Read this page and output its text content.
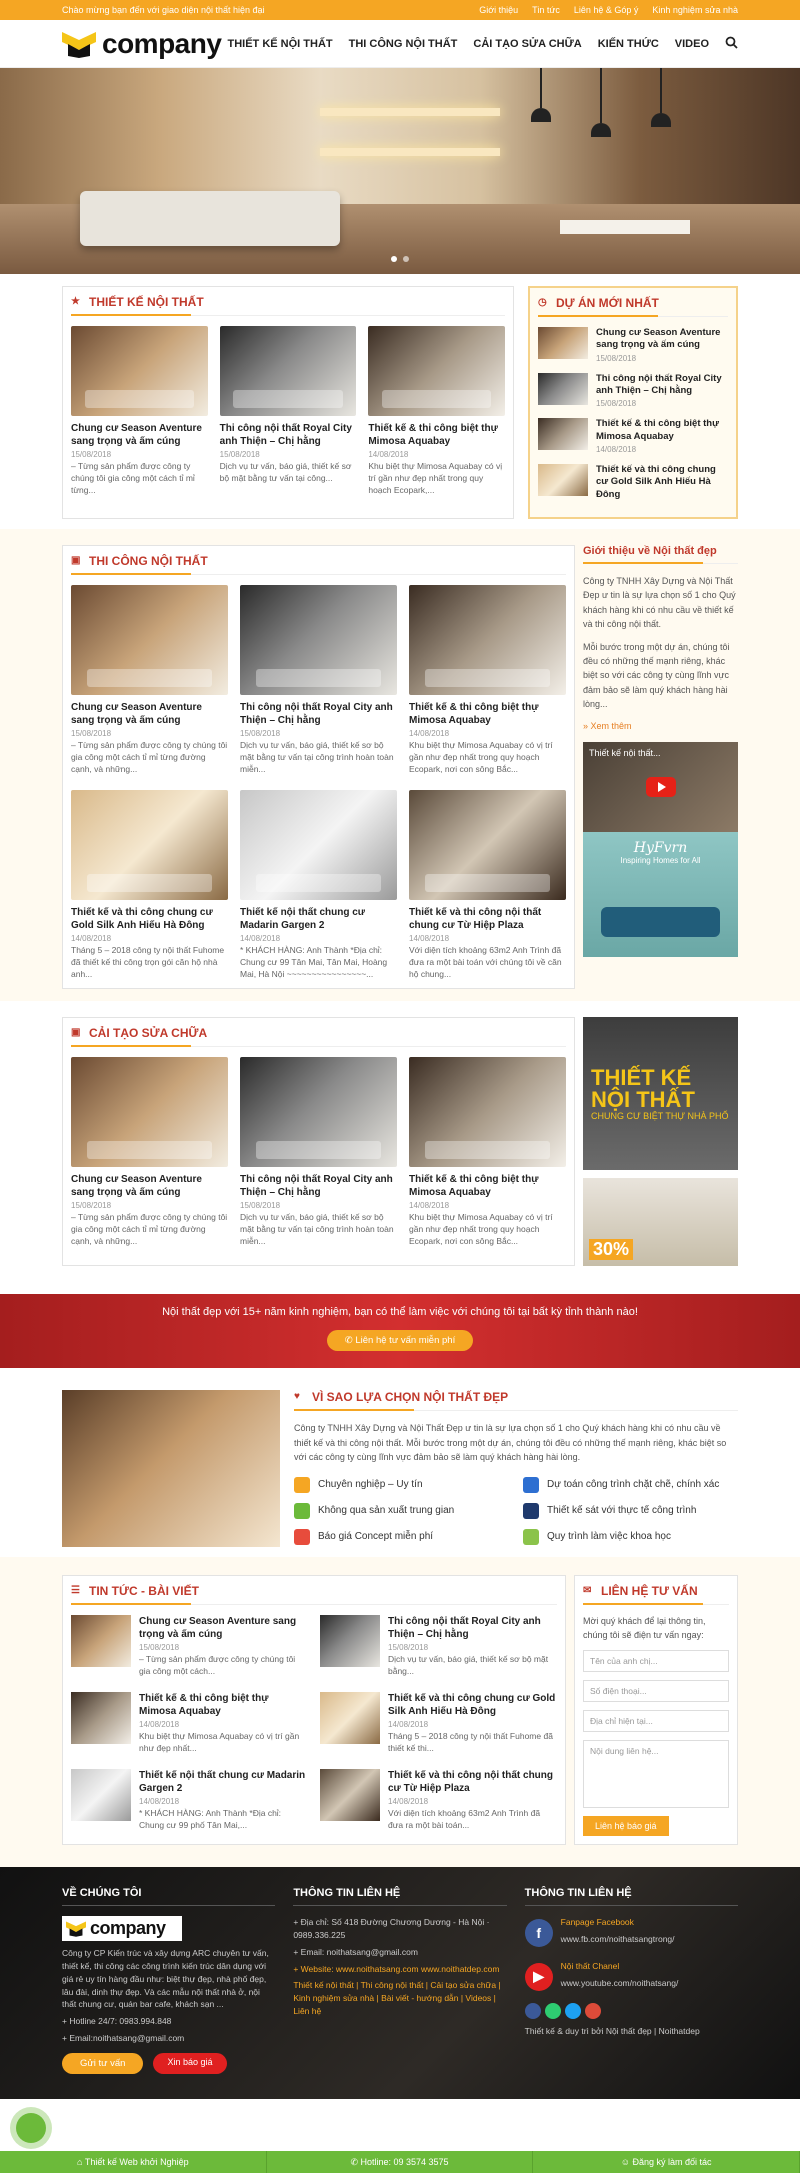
Chào mừng bạn đến với giao diện nội thất hiện đại	Giới thiệu Tin tức Liên hệ & Góp ý Kinh nghiệm sửa nhà
company THIẾT KẾ NỘI THẤT THI CÔNG NỘI THẤT CẢI TẠO SỬA CHỮA KIẾN THỨC VIDEO
★ THIẾT KẾ NỘI THẤT
Chung cư Season Aventure sang trọng và ấm cúng
15/08/2018
– Từng sản phẩm được công ty chúng tôi gia công một cách tỉ mỉ từng...
Thi công nội thất Royal City anh Thiện – Chị hằng
15/08/2018
Dịch vụ tư vấn, báo giá, thiết kế sơ bộ mặt bằng tư vấn tại công...
Thiết kế & thi công biệt thự Mimosa Aquabay
14/08/2018
Khu biệt thự Mimosa Aquabay có vị trí gần như đẹp nhất trong quy hoạch Ecopark,...
◷ DỰ ÁN MỚI NHẤT
Chung cư Season Aventure sang trọng và ấm cúng
15/08/2018
Thi công nội thất Royal City anh Thiện – Chị hằng
15/08/2018
Thiết kế & thi công biệt thự Mimosa Aquabay
14/08/2018
Thiết kế và thi công chung cư Gold Silk Anh Hiếu Hà Đông
▣ THI CÔNG NỘI THẤT
Chung cư Season Aventure sang trọng và ấm cúng
15/08/2018
– Từng sản phẩm được công ty chúng tôi gia công một cách tỉ mỉ từng đường cạnh, và những...
Thi công nội thất Royal City anh Thiện – Chị hằng
15/08/2018
Dịch vụ tư vấn, báo giá, thiết kế sơ bộ mặt bằng tư vấn tại công trình hoàn toàn miễn...
Thiết kế & thi công biệt thự Mimosa Aquabay
14/08/2018
Khu biệt thự Mimosa Aquabay có vị trí gần như đẹp nhất trong quy hoạch Ecopark, nơi con sông Bắc...
Thiết kế và thi công chung cư Gold Silk Anh Hiếu Hà Đông
14/08/2018
Tháng 5 – 2018 công ty nội thất Fuhome đã thiết kế thi công trọn gói căn hộ nhà anh...
Thiết kế nội thất chung cư Madarin Gargen 2
14/08/2018
* KHÁCH HÀNG: Anh Thành *Địa chỉ: Chung cư 99 Tân Mai, Tân Mai, Hoàng Mai, Hà Nội ~~~~~~~~~~~~~~~~...
Thiết kế và thi công nội thất chung cư Từ Hiệp Plaza
14/08/2018
Với diện tích khoảng 63m2 Anh Trình đã đưa ra một bài toán với chúng tôi về căn hộ chung...
Giới thiệu về Nội thất đẹp

Công ty TNHH Xây Dựng và Nội Thất Đẹp ư tin là sự lựa chọn số 1 cho Quý khách hàng khi có nhu cầu về thiết kế và thi công nội thất.

Mỗi bước trong một dự án, chúng tôi đều có những thế mạnh riêng, khác biệt so với các công ty cùng lĩnh vực đảm bảo sẽ làm quý khách hàng hài lòng...

» Xem thêm
Thiết kế nội thất...
HyFvrn
Inspiring Homes for All
▣ CẢI TẠO SỬA CHỮA
Chung cư Season Aventure sang trọng và ấm cúng
15/08/2018
– Từng sản phẩm được công ty chúng tôi gia công một cách tỉ mỉ từng đường cạnh, và những...
Thi công nội thất Royal City anh Thiện – Chị hằng
15/08/2018
Dịch vụ tư vấn, báo giá, thiết kế sơ bộ mặt bằng tư vấn tại công trình hoàn toàn miễn...
Thiết kế & thi công biệt thự Mimosa Aquabay
14/08/2018
Khu biệt thự Mimosa Aquabay có vị trí gần như đẹp nhất trong quy hoạch Ecopark, nơi con sông Bắc...
THIẾT KẾ
NỘI THẤT
CHUNG CƯ BIỆT THỰ NHÀ PHỐ
30%

Nội thất đẹp với 15+ năm kinh nghiệm, bạn có thể làm việc với chúng tôi tại bất kỳ tỉnh thành nào!

✆ Liên hệ tư vấn miễn phí
♥	VÌ SAO LỰA CHỌN NỘI THẤT ĐẸP

Công ty TNHH Xây Dựng và Nội Thất Đẹp ư tin là sự lựa chọn số 1 cho Quý khách hàng khi có nhu cầu về thiết kế và thi công nội thất. Mỗi bước trong một dự án, chúng tôi đều có những thế mạnh riêng, khác biệt so với các công ty cùng lĩnh vực đảm bảo sẽ làm quý khách hàng hài lòng.

Chuyên nghiệp – Uy tín	Dự toán công trình chặt chẽ, chính xác
Không qua sản xuất trung gian	Thiết kế sát với thực tế công trình
Báo giá Concept miễn phí	Quy trình làm việc khoa học
☰ TIN TỨC - BÀI VIẾT
Chung cư Season Aventure sang trọng và ấm cúng
15/08/2018
– Từng sản phẩm được công ty chúng tôi gia công một cách...
Thi công nội thất Royal City anh Thiện – Chị hằng
15/08/2018
Dịch vụ tư vấn, báo giá, thiết kế sơ bộ mặt bằng...
Thiết kế & thi công biệt thự Mimosa Aquabay
14/08/2018
Khu biệt thự Mimosa Aquabay có vị trí gần như đẹp nhất...
Thiết kế và thi công chung cư Gold Silk Anh Hiếu Hà Đông
14/08/2018
Tháng 5 – 2018 công ty nội thất Fuhome đã thiết kế thi...
Thiết kế nội thất chung cư Madarin Gargen 2
14/08/2018
* KHÁCH HÀNG: Anh Thành *Địa chỉ: Chung cư 99 phố Tân Mai,...
Thiết kế và thi công nội thất chung cư Từ Hiệp Plaza
14/08/2018
Với diện tích khoảng 63m2 Anh Trình đã đưa ra một bài toán...
✉ LIÊN HỆ TƯ VẤN

Mời quý khách để lại thông tin, chúng tôi sẽ điện tư vấn ngay:

Tên của anh chị...
Số điện thoại...
Địa chỉ hiện tại...
Nội dung liên hệ...
Liên hệ báo giá
VỀ CHÚNG TÔI
company

Công ty CP Kiến trúc và xây dựng ARC chuyên tư vấn, thiết kế, thi công các công trình kiến trúc dân dụng với giá rẻ uy tín hàng đầu như: biệt thự đẹp, nhà phố đẹp, lâu đài, dinh thự đẹp. Và các mẫu nội thất nhà ở, nội thất chung cư, quán bar cafe, khách sạn ...

+ Hotline 24/7: 0983.994.848

+ Email:noithatsang@gmail.com

Gửi tư vấn	Xin báo giá
THÔNG TIN LIÊN HỆ

+ Địa chỉ: Số 418 Đường Chương Dương - Hà Nội · 0989.336.225

+ Email: noithatsang@gmail.com

+ Website: www.noithatsang.com www.noithatdep.com

Thiết kế nội thất | Thi công nội thất | Cải tạo sửa chữa | Kinh nghiệm sửa nhà | Bài viết - hướng dẫn | Videos | Liên hệ

THÔNG TIN LIÊN HỆ
f

Fanpage Facebook

www.fb.com/noithatsangtrong/

▶

Nội thất Chanel

www.youtube.com/noithatsang/

Thiết kế & duy trì bởi Nội thất đẹp | Noithatdep

⌂ Thiết kế Web khởi Nghiệp	✆ Hotline: 09 3574 3575	☺ Đăng ký làm đối tác
